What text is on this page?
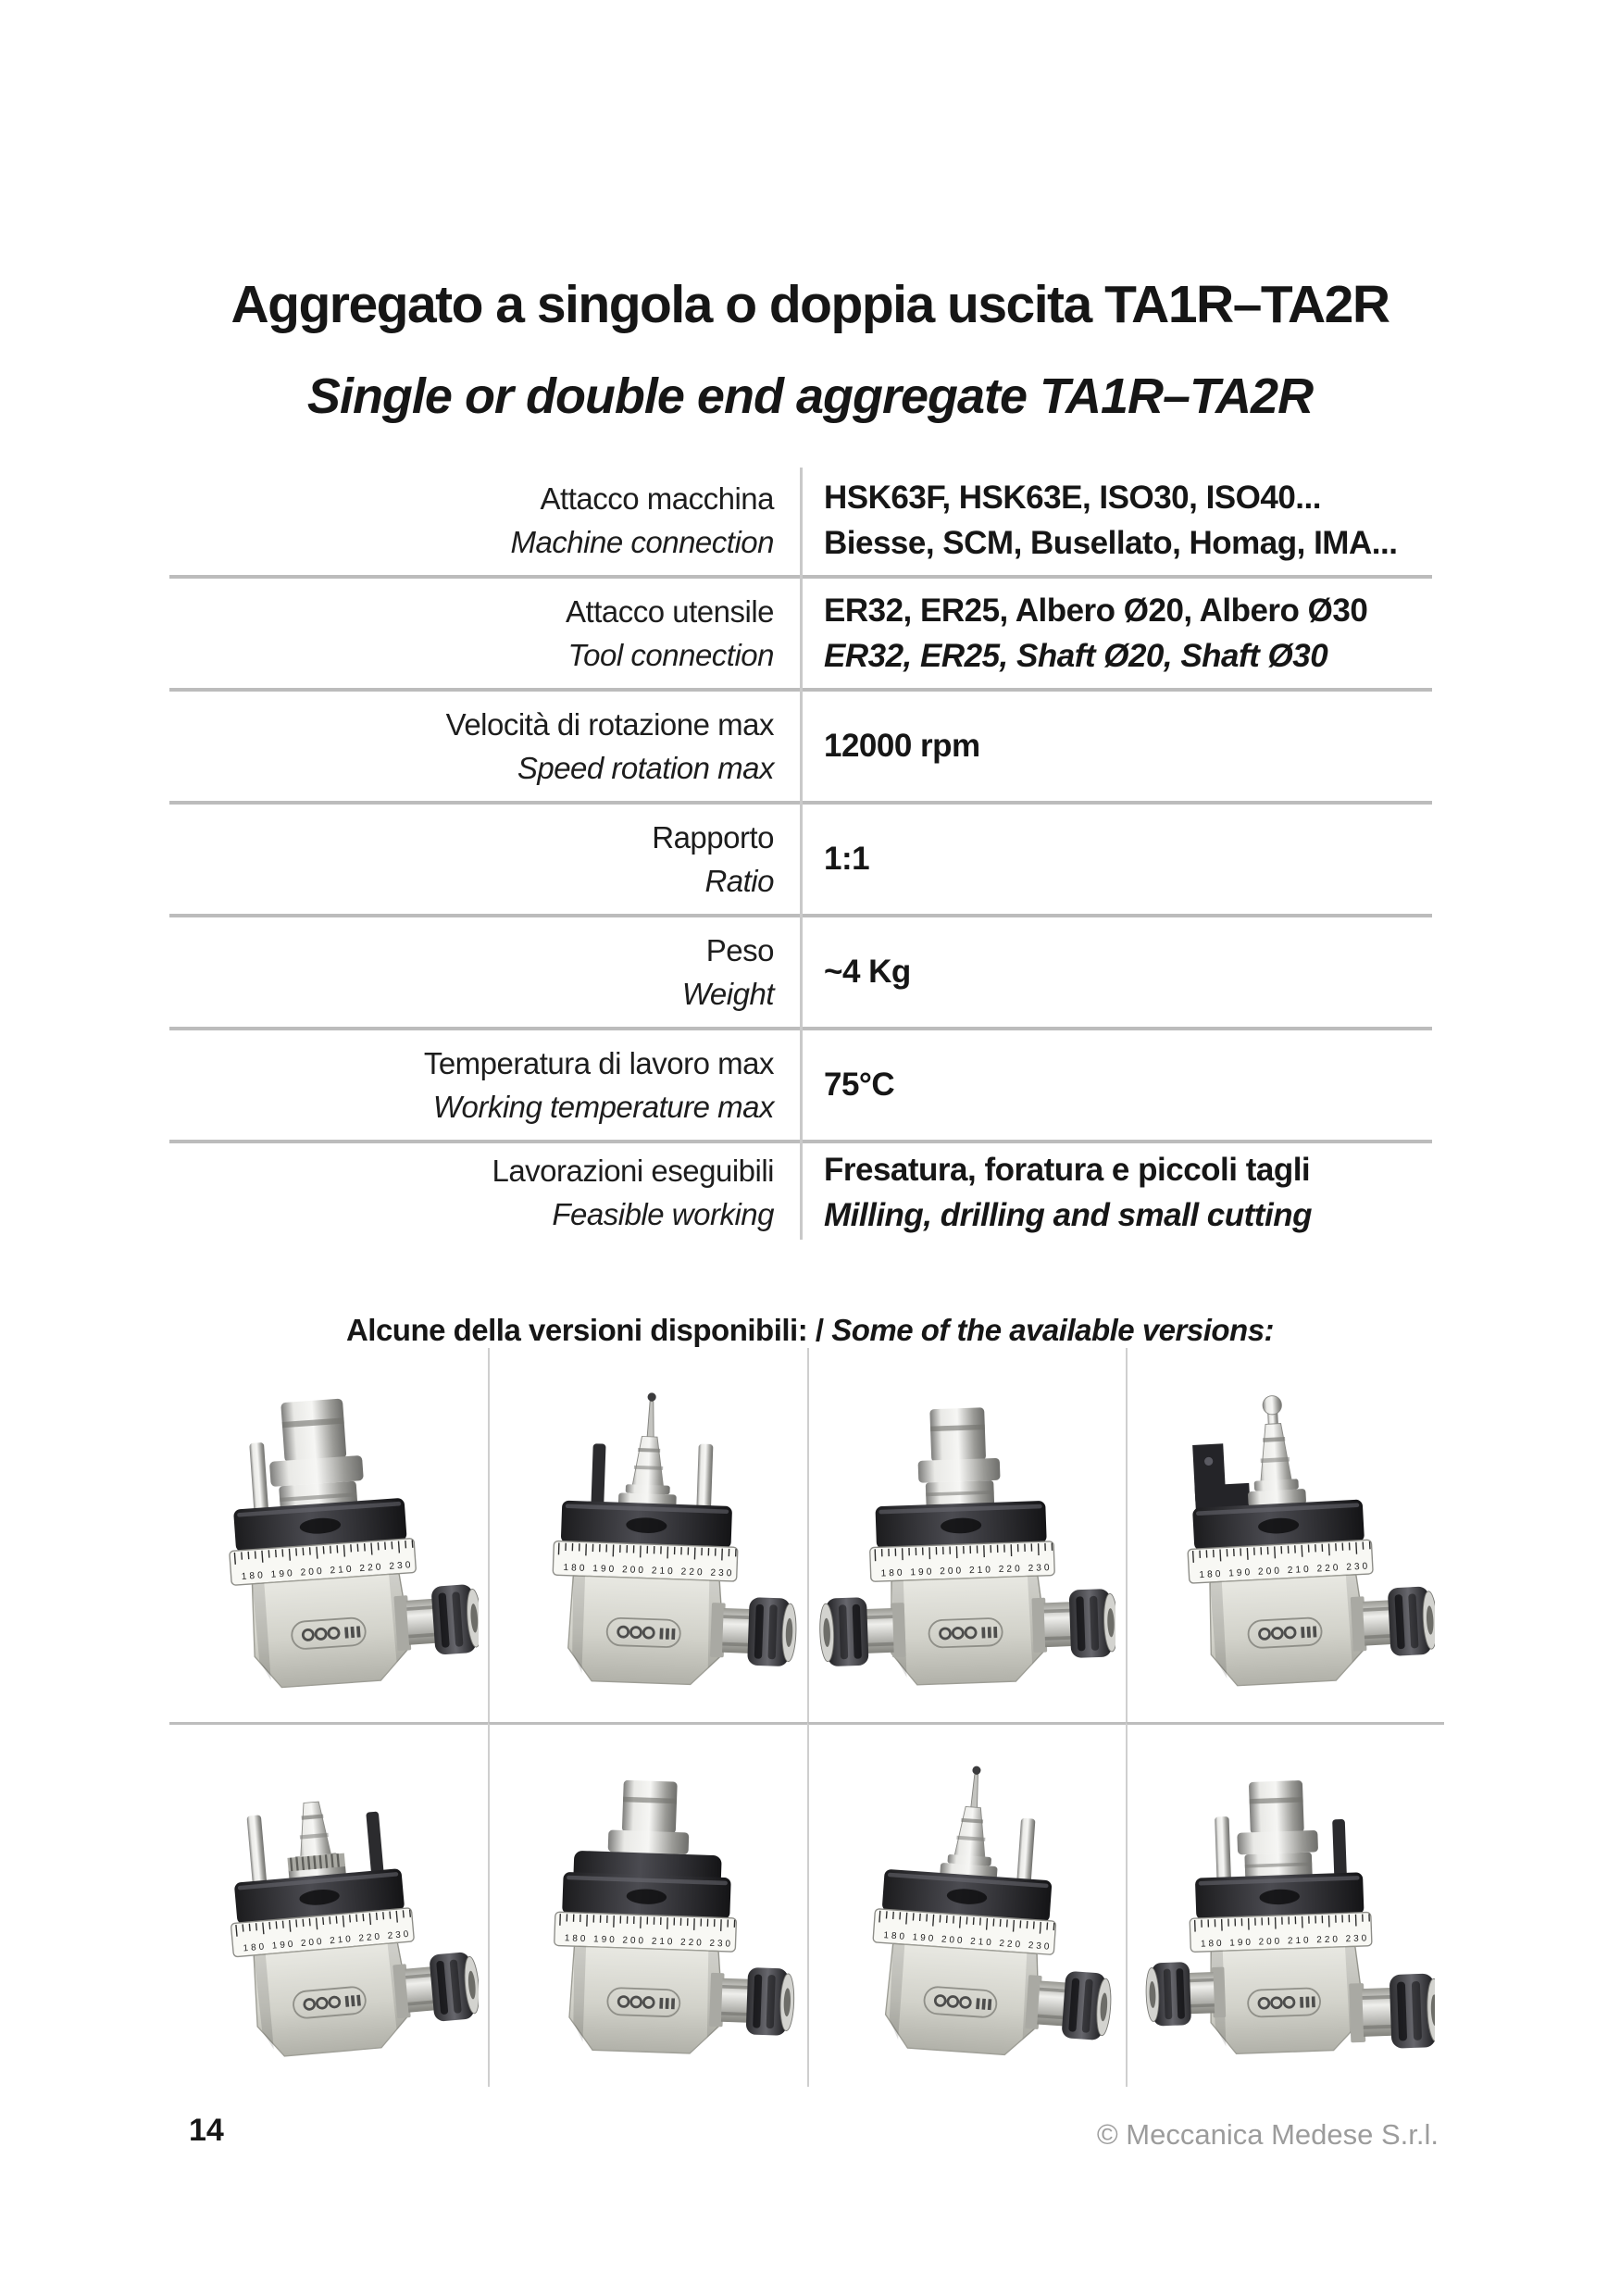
Aggregato a singola o doppia uscita TA1R–TA2R
Single or double end aggregate TA1R–TA2R
Attacco macchina
Machine connection
HSK63F, HSK63E, ISO30, ISO40...
Biesse, SCM, Busellato, Homag, IMA...
Attacco utensile
Tool connection
ER32, ER25, Albero Ø20, Albero Ø30
ER32, ER25, Shaft Ø20, Shaft Ø30
Velocità di rotazione max
Speed rotation max
12000 rpm
Rapporto
Ratio
1:1
Peso
Weight
~4 Kg
Temperatura di lavoro max
Working temperature max
75°C
Lavorazioni eseguibili
Feasible working
Fresatura, foratura e piccoli tagli
Milling, drilling and small cutting

Alcune della versioni disponibili: / Some of the available versions:

14	© Meccanica Medese S.r.l.
